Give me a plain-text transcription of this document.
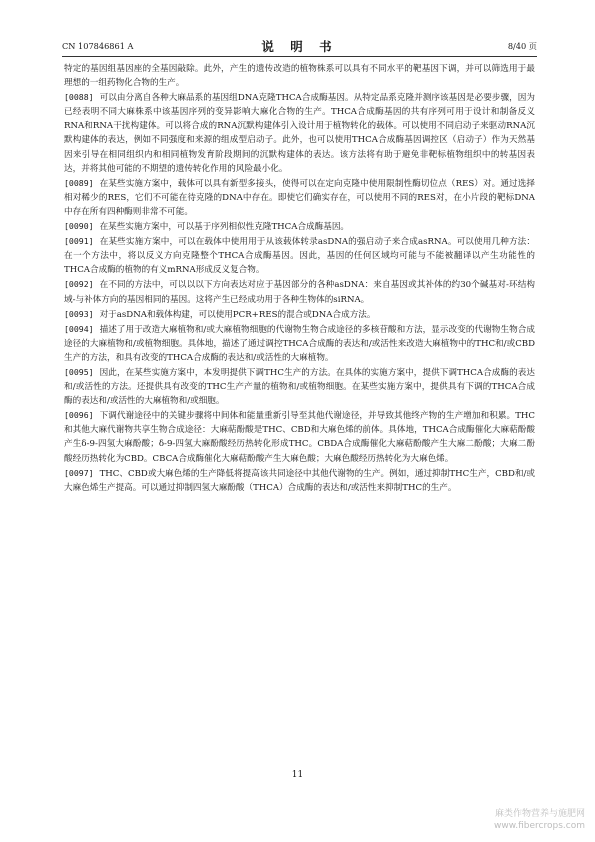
CN 107846861 A	说 明 书	8/40 页

特定的基因组基因座的全基因敲除。此外，产生的遗传改造的植物株系可以具有不同水平的靶基因下调，并可以筛选用于最理想的一组药物化合物的生产。

[0088] 可以由分离自各种大麻品系的基因组DNA克隆THCA合成酶基因。从特定品系克隆并测序该基因是必要步骤，因为已经表明不同大麻株系中该基因序列的变异影响大麻化合物的生产。THCA合成酶基因的共有序列可用于设计和制备反义RNA和RNA干扰构建体。可以将合成的RNA沉默构建体引入设计用于植物转化的载体。可以使用不同启动子来驱动RNA沉默构建体的表达，例如不同强度和来源的组成型启动子。此外，也可以使用THCA合成酶基因调控区（启动子）作为天然基因来引导在相同组织内和相同植物发育阶段期间的沉默构建体的表达。该方法将有助于避免非靶标植物组织中的转基因表达，并将其他可能的不期望的遗传转化作用的风险最小化。

[0089] 在某些实施方案中，载体可以具有新型多接头，使得可以在定向克隆中使用限制性酶切位点（RES）对。通过选择相对稀少的RES，它们不可能在待克隆的DNA中存在。即使它们确实存在，可以使用不同的RES对，在小片段的靶标DNA中存在所有四种酶则非常不可能。

[0090] 在某些实施方案中，可以基于序列相似性克隆THCA合成酶基因。

[0091] 在某些实施方案中，可以在载体中使用用于从该载体转录asDNA的强启动子来合成asRNA。可以使用几种方法：在一个方法中，将以反义方向克隆整个THCA合成酶基因。因此，基因的任何区域均可能与不能被翻译以产生功能性的THCA合成酶的植物的有义mRNA形成反义复合物。

[0092] 在不同的方法中，可以以以下方向表达对应于基因部分的各种asDNA：来自基因或其补体的约30个碱基对-环结构域-与补体方向的基因相同的基因。这将产生已经成功用于各种生物体的siRNA。

[0093] 对于asDNA和载体构建，可以使用PCR+RES的混合或DNA合成方法。

[0094] 描述了用于改造大麻植物和/或大麻植物细胞的代谢物生物合成途径的多核苷酸和方法，显示改变的代谢物生物合成途径的大麻植物和/或植物细胞。具体地，描述了通过调控THCA合成酶的表达和/或活性来改造大麻植物中的THC和/或CBD生产的方法，和具有改变的THCA合成酶的表达和/或活性的大麻植物。

[0095] 因此，在某些实施方案中，本发明提供下调THC生产的方法。在具体的实施方案中，提供下调THCA合成酶的表达和/或活性的方法。还提供具有改变的THC生产产量的植物和/或植物细胞。在某些实施方案中，提供具有下调的THCA合成酶的表达和/或活性的大麻植物和/或细胞。

[0096] 下调代谢途径中的关键步骤将中间体和能量重新引导至其他代谢途径，并导致其他终产物的生产增加和积累。THC和其他大麻代谢物共享生物合成途径：大麻萜酚酸是THC、CBD和大麻色烯的前体。具体地，THCA合成酶催化大麻萜酚酸产生δ-9-四氢大麻酚酸；δ-9-四氢大麻酚酸经历热转化形成THC。CBDA合成酶催化大麻萜酚酸产生大麻二酚酸；大麻二酚酸经历热转化为CBD。CBCA合成酶催化大麻萜酚酸产生大麻色酸；大麻色酸经历热转化为大麻色烯。

[0097] THC、CBD或大麻色烯的生产降低将提高该共同途径中其他代谢物的生产。例如，通过抑制THC生产，CBD和/或大麻色烯生产提高。可以通过抑制四氢大麻酚酸（THCA）合成酶的表达和/或活性来抑制THC的生产。

11
麻类作物营养与施肥网
www.fibercrops.com
